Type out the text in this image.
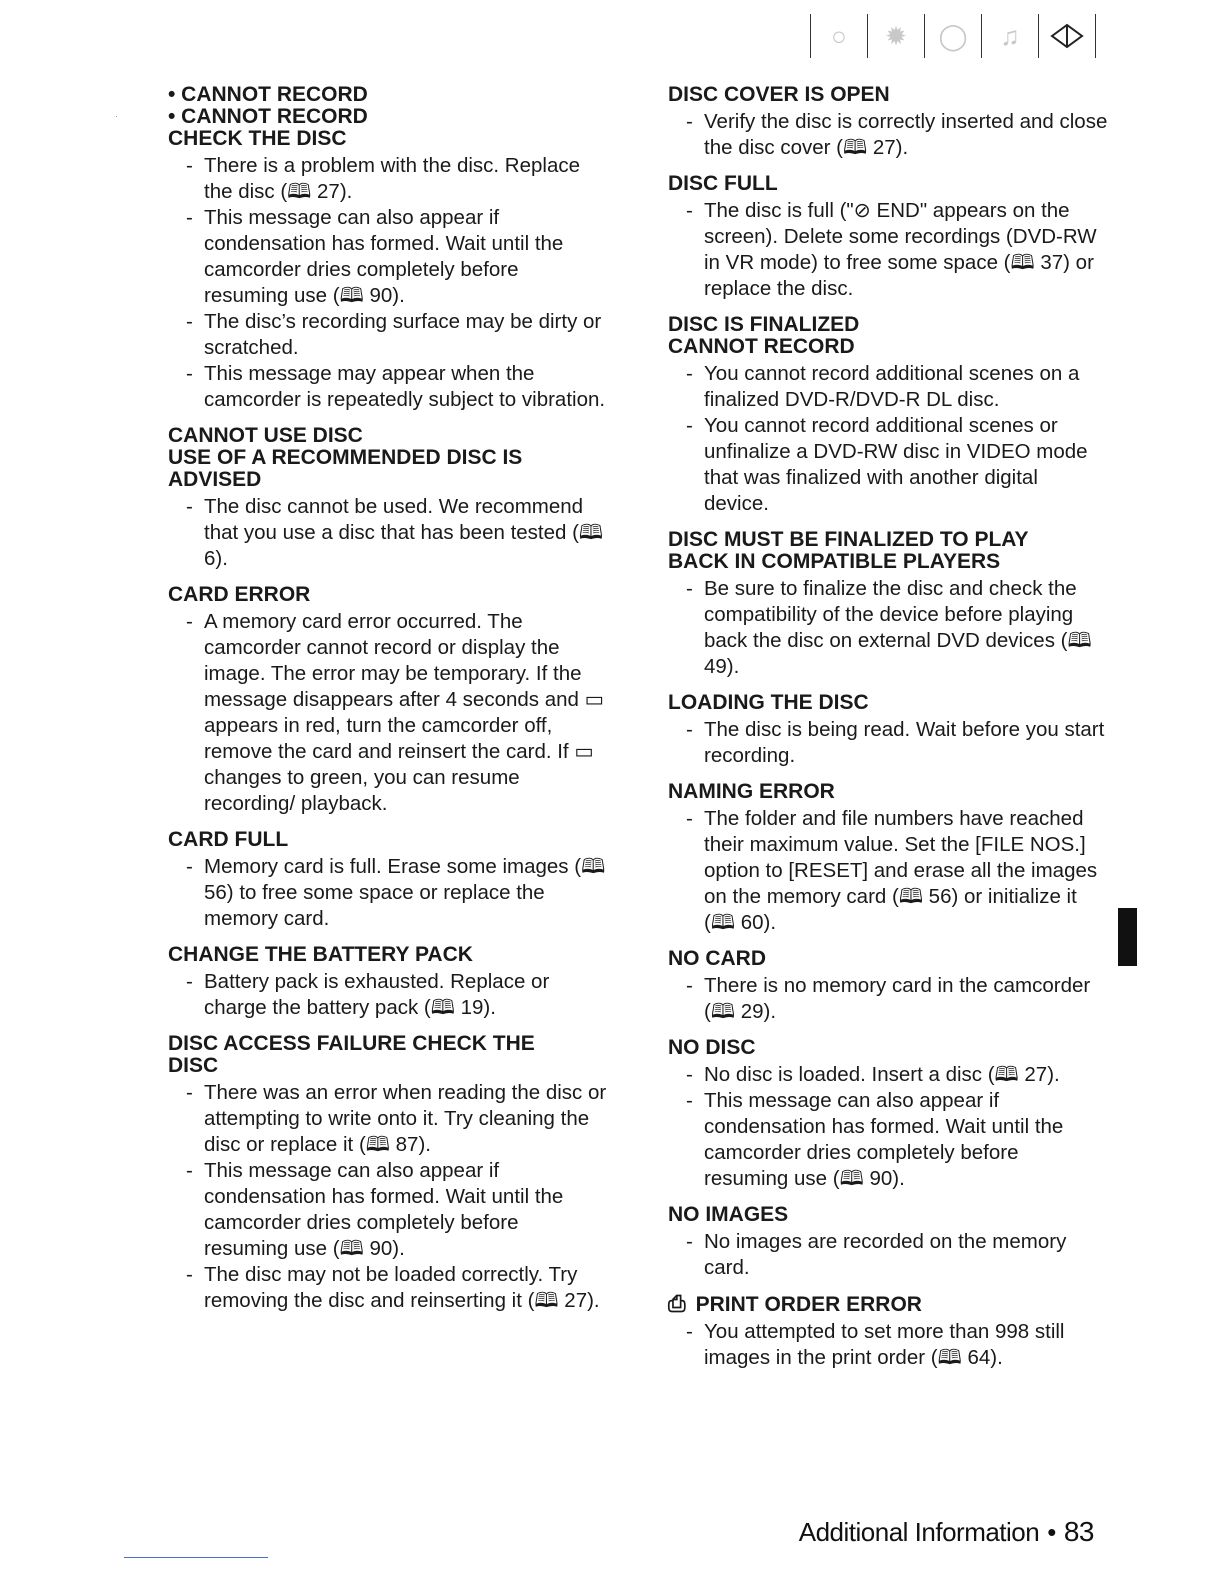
○	✹	◯	♫
• CANNOT RECORD
• CANNOT RECORD
CHECK THE DISC
- There is a problem with the disc. Replace the disc (🕮 27).
- This message can also appear if condensation has formed. Wait until the camcorder dries completely before resuming use (🕮 90).
- The disc’s recording surface may be dirty or scratched.
- This message may appear when the camcorder is repeatedly subject to vibration.
CANNOT USE DISC
USE OF A RECOMMENDED DISC IS
ADVISED
- The disc cannot be used. We recommend that you use a disc that has been tested (🕮 6).
CARD ERROR
- A memory card error occurred. The camcorder cannot record or display the image. The error may be temporary. If the message disappears after 4 seconds and ▭ appears in red, turn the camcorder off, remove the card and reinsert the card. If ▭ changes to green, you can resume recording/ playback.
CARD FULL
- Memory card is full. Erase some images (🕮 56) to free some space or replace the memory card.
CHANGE THE BATTERY PACK
- Battery pack is exhausted. Replace or charge the battery pack (🕮 19).
DISC ACCESS FAILURE CHECK THE
DISC
- There was an error when reading the disc or attempting to write onto it. Try cleaning the disc or replace it (🕮 87).
- This message can also appear if condensation has formed. Wait until the camcorder dries completely before resuming use (🕮 90).
- The disc may not be loaded correctly. Try removing the disc and reinserting it (🕮 27).
DISC COVER IS OPEN
- Verify the disc is correctly inserted and close the disc cover (🕮 27).
DISC FULL
- The disc is full ("⊘ END" appears on the screen). Delete some recordings (DVD-RW in VR mode) to free some space (🕮 37) or replace the disc.
DISC IS FINALIZED
CANNOT RECORD
- You cannot record additional scenes on a finalized DVD-R/DVD-R DL disc.
- You cannot record additional scenes or unfinalize a DVD-RW disc in VIDEO mode that was finalized with another digital device.
DISC MUST BE FINALIZED TO PLAY
BACK IN COMPATIBLE PLAYERS
- Be sure to finalize the disc and check the compatibility of the device before playing back the disc on external DVD devices (🕮 49).
LOADING THE DISC
- The disc is being read. Wait before you start recording.
NAMING ERROR
- The folder and file numbers have reached their maximum value. Set the [FILE NOS.] option to [RESET] and erase all the images on the memory card (🕮 56) or initialize it (🕮 60).
NO CARD
- There is no memory card in the camcorder (🕮 29).
NO DISC
- No disc is loaded. Insert a disc (🕮 27).
- This message can also appear if condensation has formed. Wait until the camcorder dries completely before resuming use (🕮 90).
NO IMAGES
- No images are recorded on the memory card.
⎙ PRINT ORDER ERROR
- You attempted to set more than 998 still images in the print order (🕮 64).
Additional Information • 83
